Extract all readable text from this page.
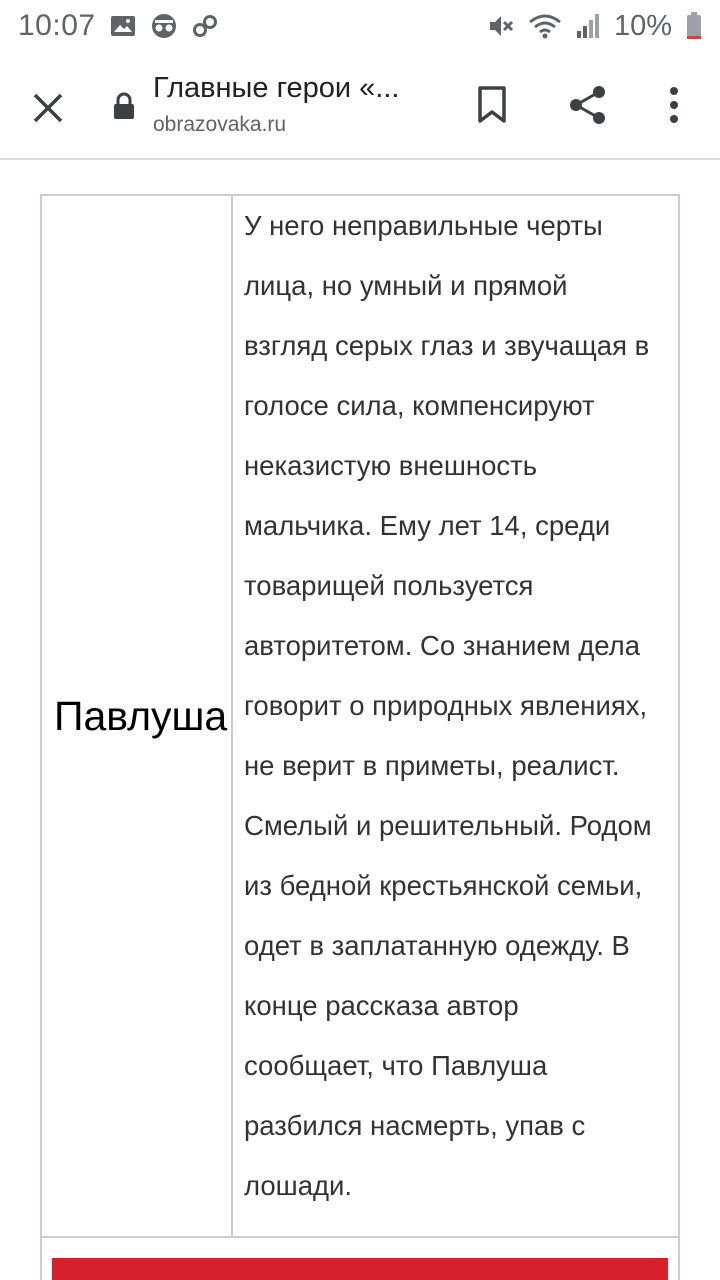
10:07	10%
Главные герои «...
obrazovaka.ru
Павлуша
У него неправильные черты
лица, но умный и прямой
взгляд серых глаз и звучащая в
голосе сила, компенсируют
неказистую внешность
мальчика. Ему лет 14, среди
товарищей пользуется
авторитетом. Со знанием дела
говорит о природных явлениях,
не верит в приметы, реалист.
Смелый и решительный. Родом
из бедной крестьянской семьи,
одет в заплатанную одежду. В
конце рассказа автор
сообщает, что Павлуша
разбился насмерть, упав с
лошади.
